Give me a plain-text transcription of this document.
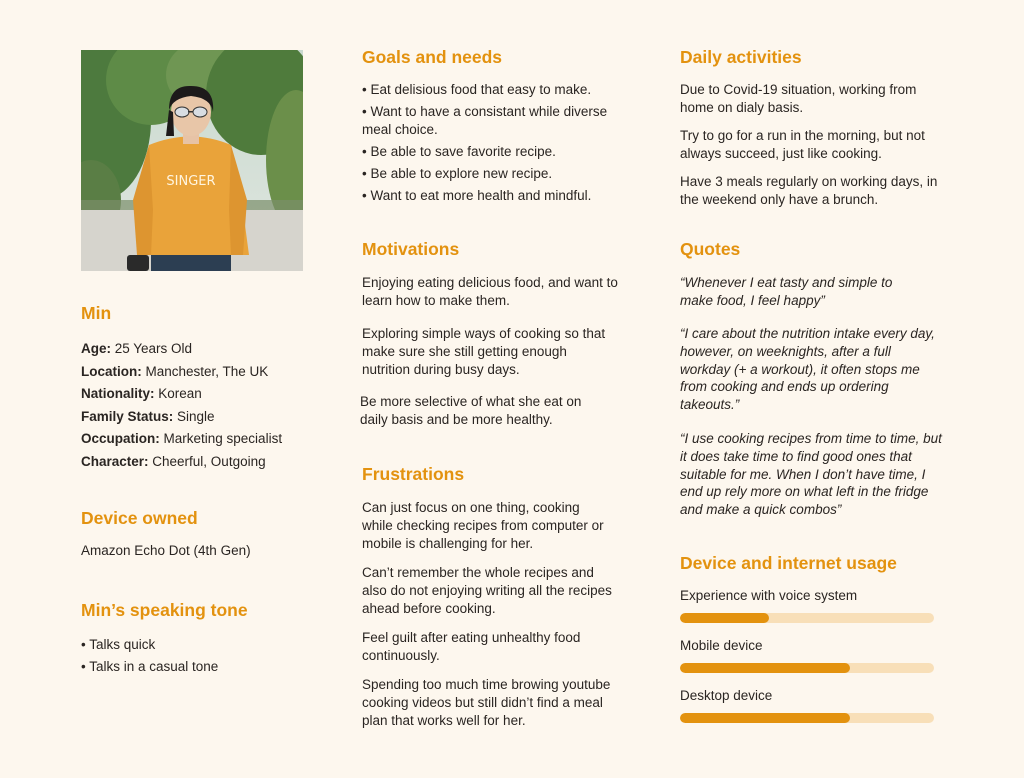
SINGER
Min
Age: 25 Years Old
Location: Manchester, The UK
Nationality: Korean
Family Status: Single
Occupation: Marketing specialist
Character: Cheerful, Outgoing
Device owned

Amazon Echo Dot (4th Gen)

Min’s speaking tone
• Talks quick
• Talks in a casual tone
Goals and needs
• Eat delisious food that easy to make.
• Want to have a consistant while diverse meal choice.
• Be able to save favorite recipe.
• Be able to explore new recipe.
• Want to eat more health and mindful.
Motivations

Enjoying eating delicious food, and want to learn how to make them.

Exploring simple ways of cooking so that make sure she still getting enough nutrition during busy days.

Be more selective of what she eat on daily basis and be more healthy.

Frustrations

Can just focus on one thing, cooking while checking recipes from computer or mobile is challenging for her.

Can’t remember the whole recipes and also do not enjoying writing all the recipes ahead before cooking.

Feel guilt after eating unhealthy food continuously.

Spending too much time browing youtube cooking videos but still didn’t find a meal plan that works well for her.

Daily activities

Due to Covid-19 situation, working from home on dialy basis.

Try to go for a run in the morning, but not always succeed, just like cooking.

Have 3 meals regularly on working days, in the weekend only have a brunch.

Quotes

“Whenever I eat tasty and simple to make food, I feel happy”

“I care about the nutrition intake every day, however, on weeknights, after a full workday (+ a workout), it often stops me from cooking and ends up ordering takeouts.”

“I use cooking recipes from time to time, but it does take time to find good ones that suitable for me. When I don’t have time, I end up rely more on what left in the fridge and make a quick combos”

Device and internet usage
Experience with voice system
Mobile device
Desktop device
